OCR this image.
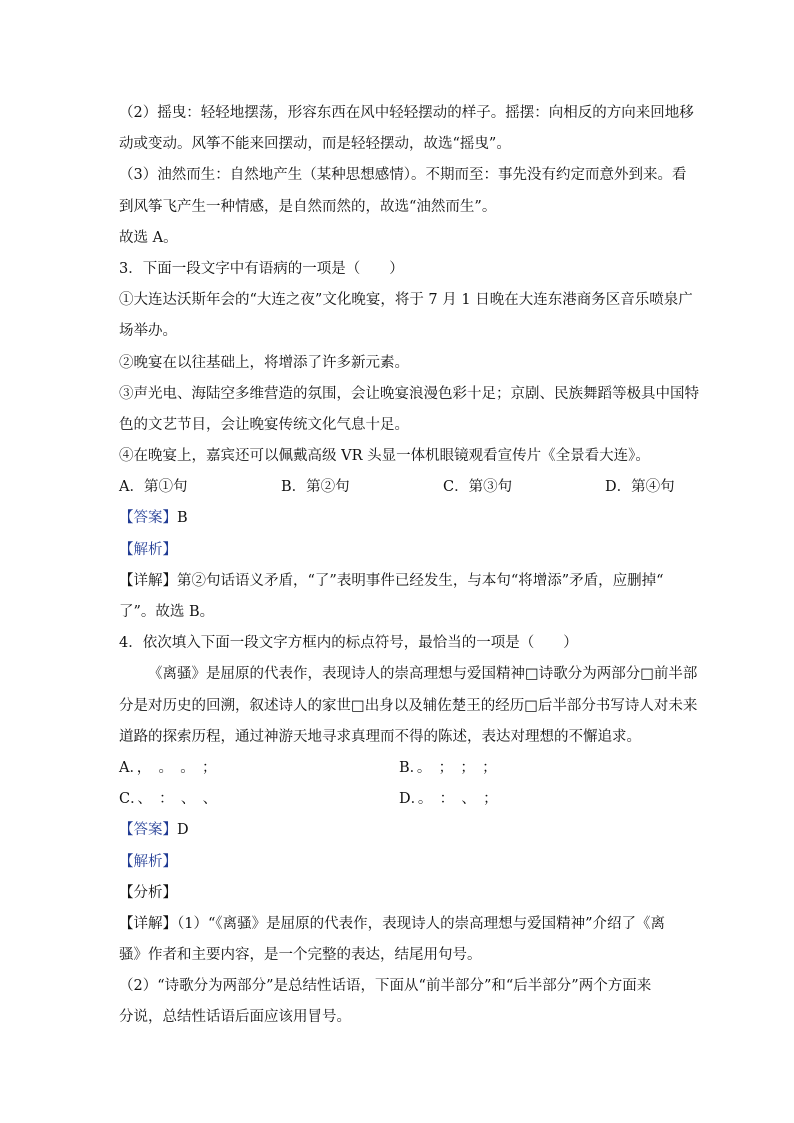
（2）摇曳：轻轻地摆荡，形容东西在风中轻轻摆动的样子。摇摆：向相反的方向来回地移
动或变动。风筝不能来回摆动，而是轻轻摆动，故选“摇曳”。
（3）油然而生：自然地产生（某种思想感情）。不期而至：事先没有约定而意外到来。看
到风筝飞产生一种情感，是自然而然的，故选“油然而生”。
故选 A。
3．下面一段文字中有语病的一项是（　　）
①大连达沃斯年会的“大连之夜”文化晚宴，将于 7 月 1 日晚在大连东港商务区音乐喷泉广
场举办。
②晚宴在以往基础上，将增添了许多新元素。
③声光电、海陆空多维营造的氛围，会让晚宴浪漫色彩十足；京剧、民族舞蹈等极具中国特
色的文艺节目，会让晚宴传统文化气息十足。
④在晚宴上，嘉宾还可以佩戴高级 VR 头显一体机眼镜观看宣传片《全景看大连》。
A．第①句	B．第②句	C．第③句	D．第④句
【答案】B
【解析】
【详解】第②句话语义矛盾，“了”表明事件已经发生，与本句“将增添”矛盾，应删掉“
了”。故选 B。
4．依次填入下面一段文字方框内的标点符号，最恰当的一项是（　　）
《离骚》是屈原的代表作，表现诗人的崇高理想与爱国精神□诗歌分为两部分□前半部
分是对历史的回溯，叙述诗人的家世□出身以及辅佐楚王的经历□后半部分书写诗人对未来
道路的探索历程，通过神游天地寻求真理而不得的陈述，表达对理想的不懈追求。
A．，　。　。　；	B．。　；　；　；
C．、　：　、　、	D．。　：　、　；
【答案】D
【解析】
【分析】
【详解】（1）“《离骚》是屈原的代表作，表现诗人的崇高理想与爱国精神”介绍了《离
骚》作者和主要内容，是一个完整的表达，结尾用句号。
（2）“诗歌分为两部分”是总结性话语，下面从“前半部分”和“后半部分”两个方面来
分说，总结性话语后面应该用冒号。
